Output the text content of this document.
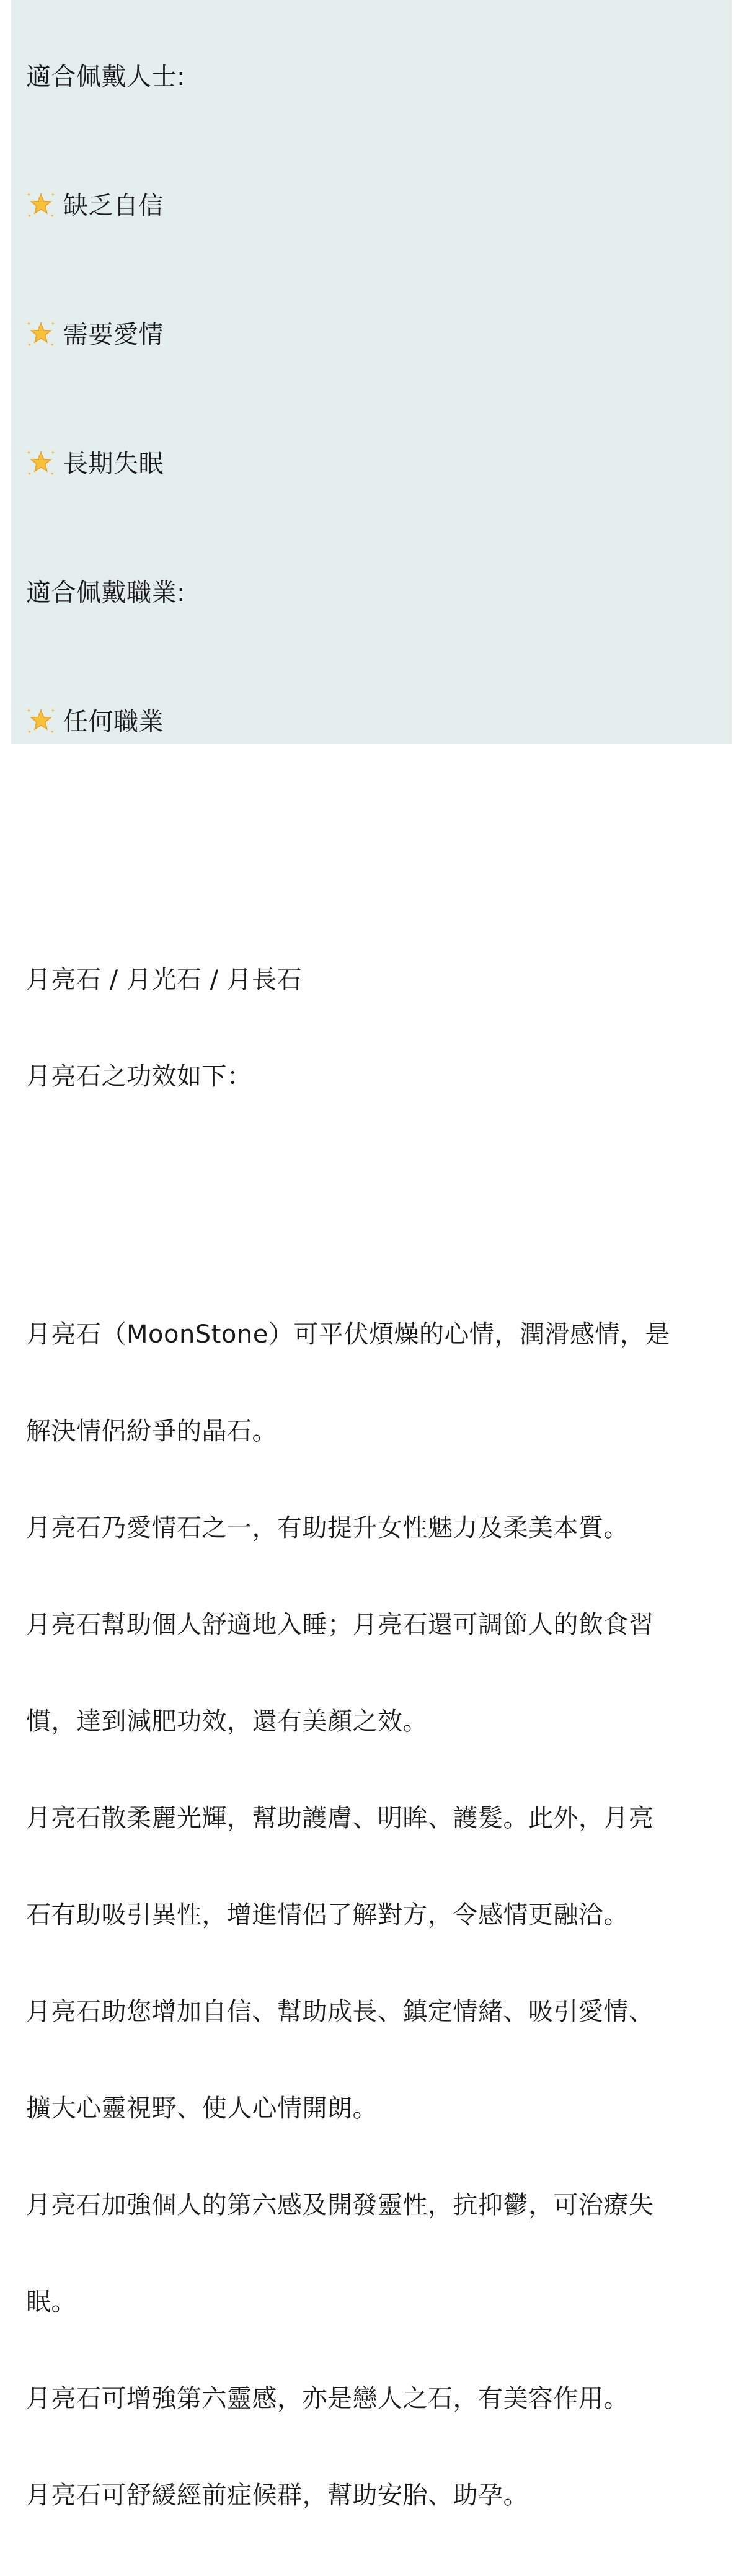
適合佩戴人士:

缺乏自信

需要愛情

長期失眠

適合佩戴職業:

任何職業

月亮石 / 月光石 / 月長石

月亮石之功效如下：

月亮石（MoonStone）可平伏煩燥的心情，潤滑感情，是

解決情侶紛爭的晶石。

月亮石乃愛情石之一，有助提升女性魅力及柔美本質。

月亮石幫助個人舒適地入睡；月亮石還可調節人的飲食習

慣，達到減肥功效，還有美顏之效。

月亮石散柔麗光輝，幫助護膚、明眸、護髮。此外，月亮

石有助吸引異性，增進情侶了解對方，令感情更融洽。

月亮石助您增加自信、幫助成長、鎮定情緒、吸引愛情、

擴大心靈視野、使人心情開朗。

月亮石加強個人的第六感及開發靈性，抗抑鬱，可治療失

眠。

月亮石可增強第六靈感，亦是戀人之石，有美容作用。

月亮石可舒緩經前症候群，幫助安胎、助孕。
